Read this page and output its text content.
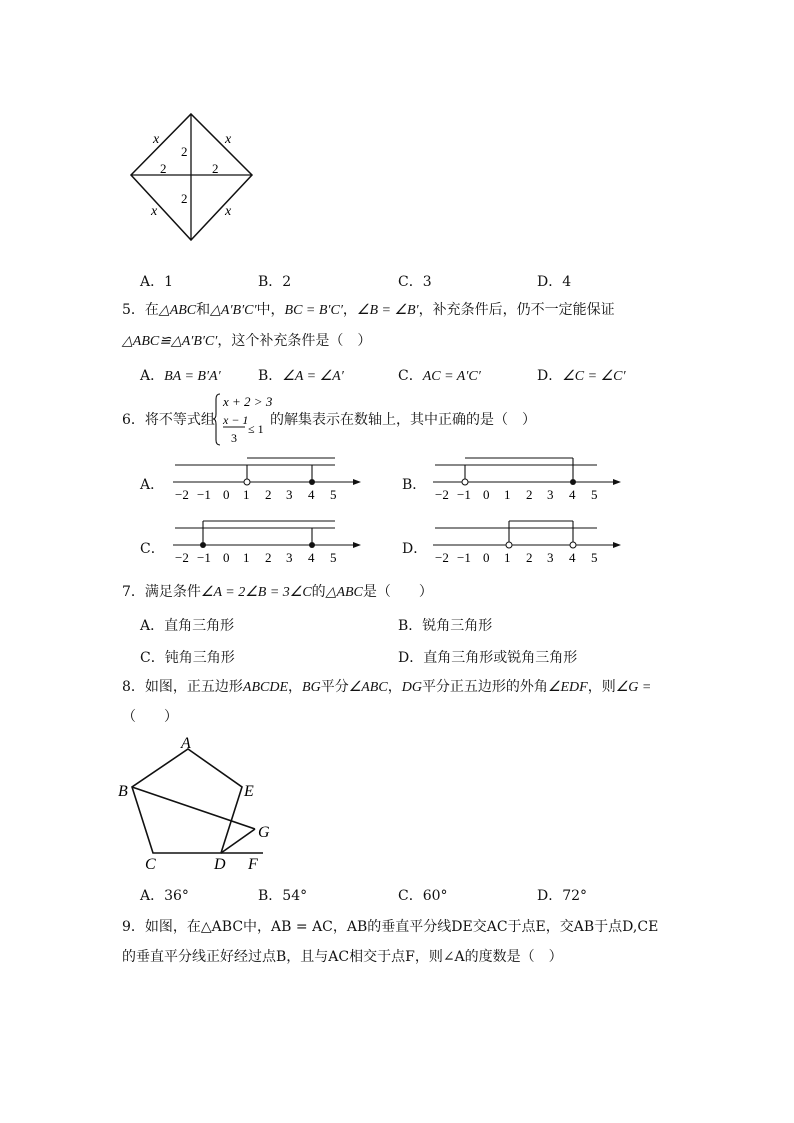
x	x
x	x
2
2	2
2
A．1	B．2	C．3	D．4
5．在△ABC和△A′B′C′中，BC = B′C′，∠B = ∠B′，补充条件后，仍不一定能保证
△ABC≌△A′B′C′，这个补充条件是（　）
A．BA = B′A′	B．∠A = ∠A′	C．AC = A′C′	D．∠C = ∠C′
6．将不等式组
x + 2 > 3
x − 1
3
≤ 1
的解集表示在数轴上，其中正确的是（　）
A．
−2 −1 0 1 2 3 4 5
B．
−2 −1 0 1 2 3 4 5
C．
−2 −1 0 1 2 3 4 5
D．
−2 −1 0 1 2 3 4 5
7．满足条件∠A = 2∠B = 3∠C的△ABC是（　　）
A．直角三角形	B．锐角三角形
C．钝角三角形	D．直角三角形或锐角三角形
8．如图，正五边形ABCDE，BG平分∠ABC，DG平分正五边形的外角∠EDF，则∠G =
（　　）
A
B
C	D
E
F
G
A．36°	B．54°	C．60°	D．72°
9．如图，在△ABC中，AB = AC，AB的垂直平分线DE交AC于点E，交AB于点D,CE
的垂直平分线正好经过点B，且与AC相交于点F，则∠A的度数是（　）
